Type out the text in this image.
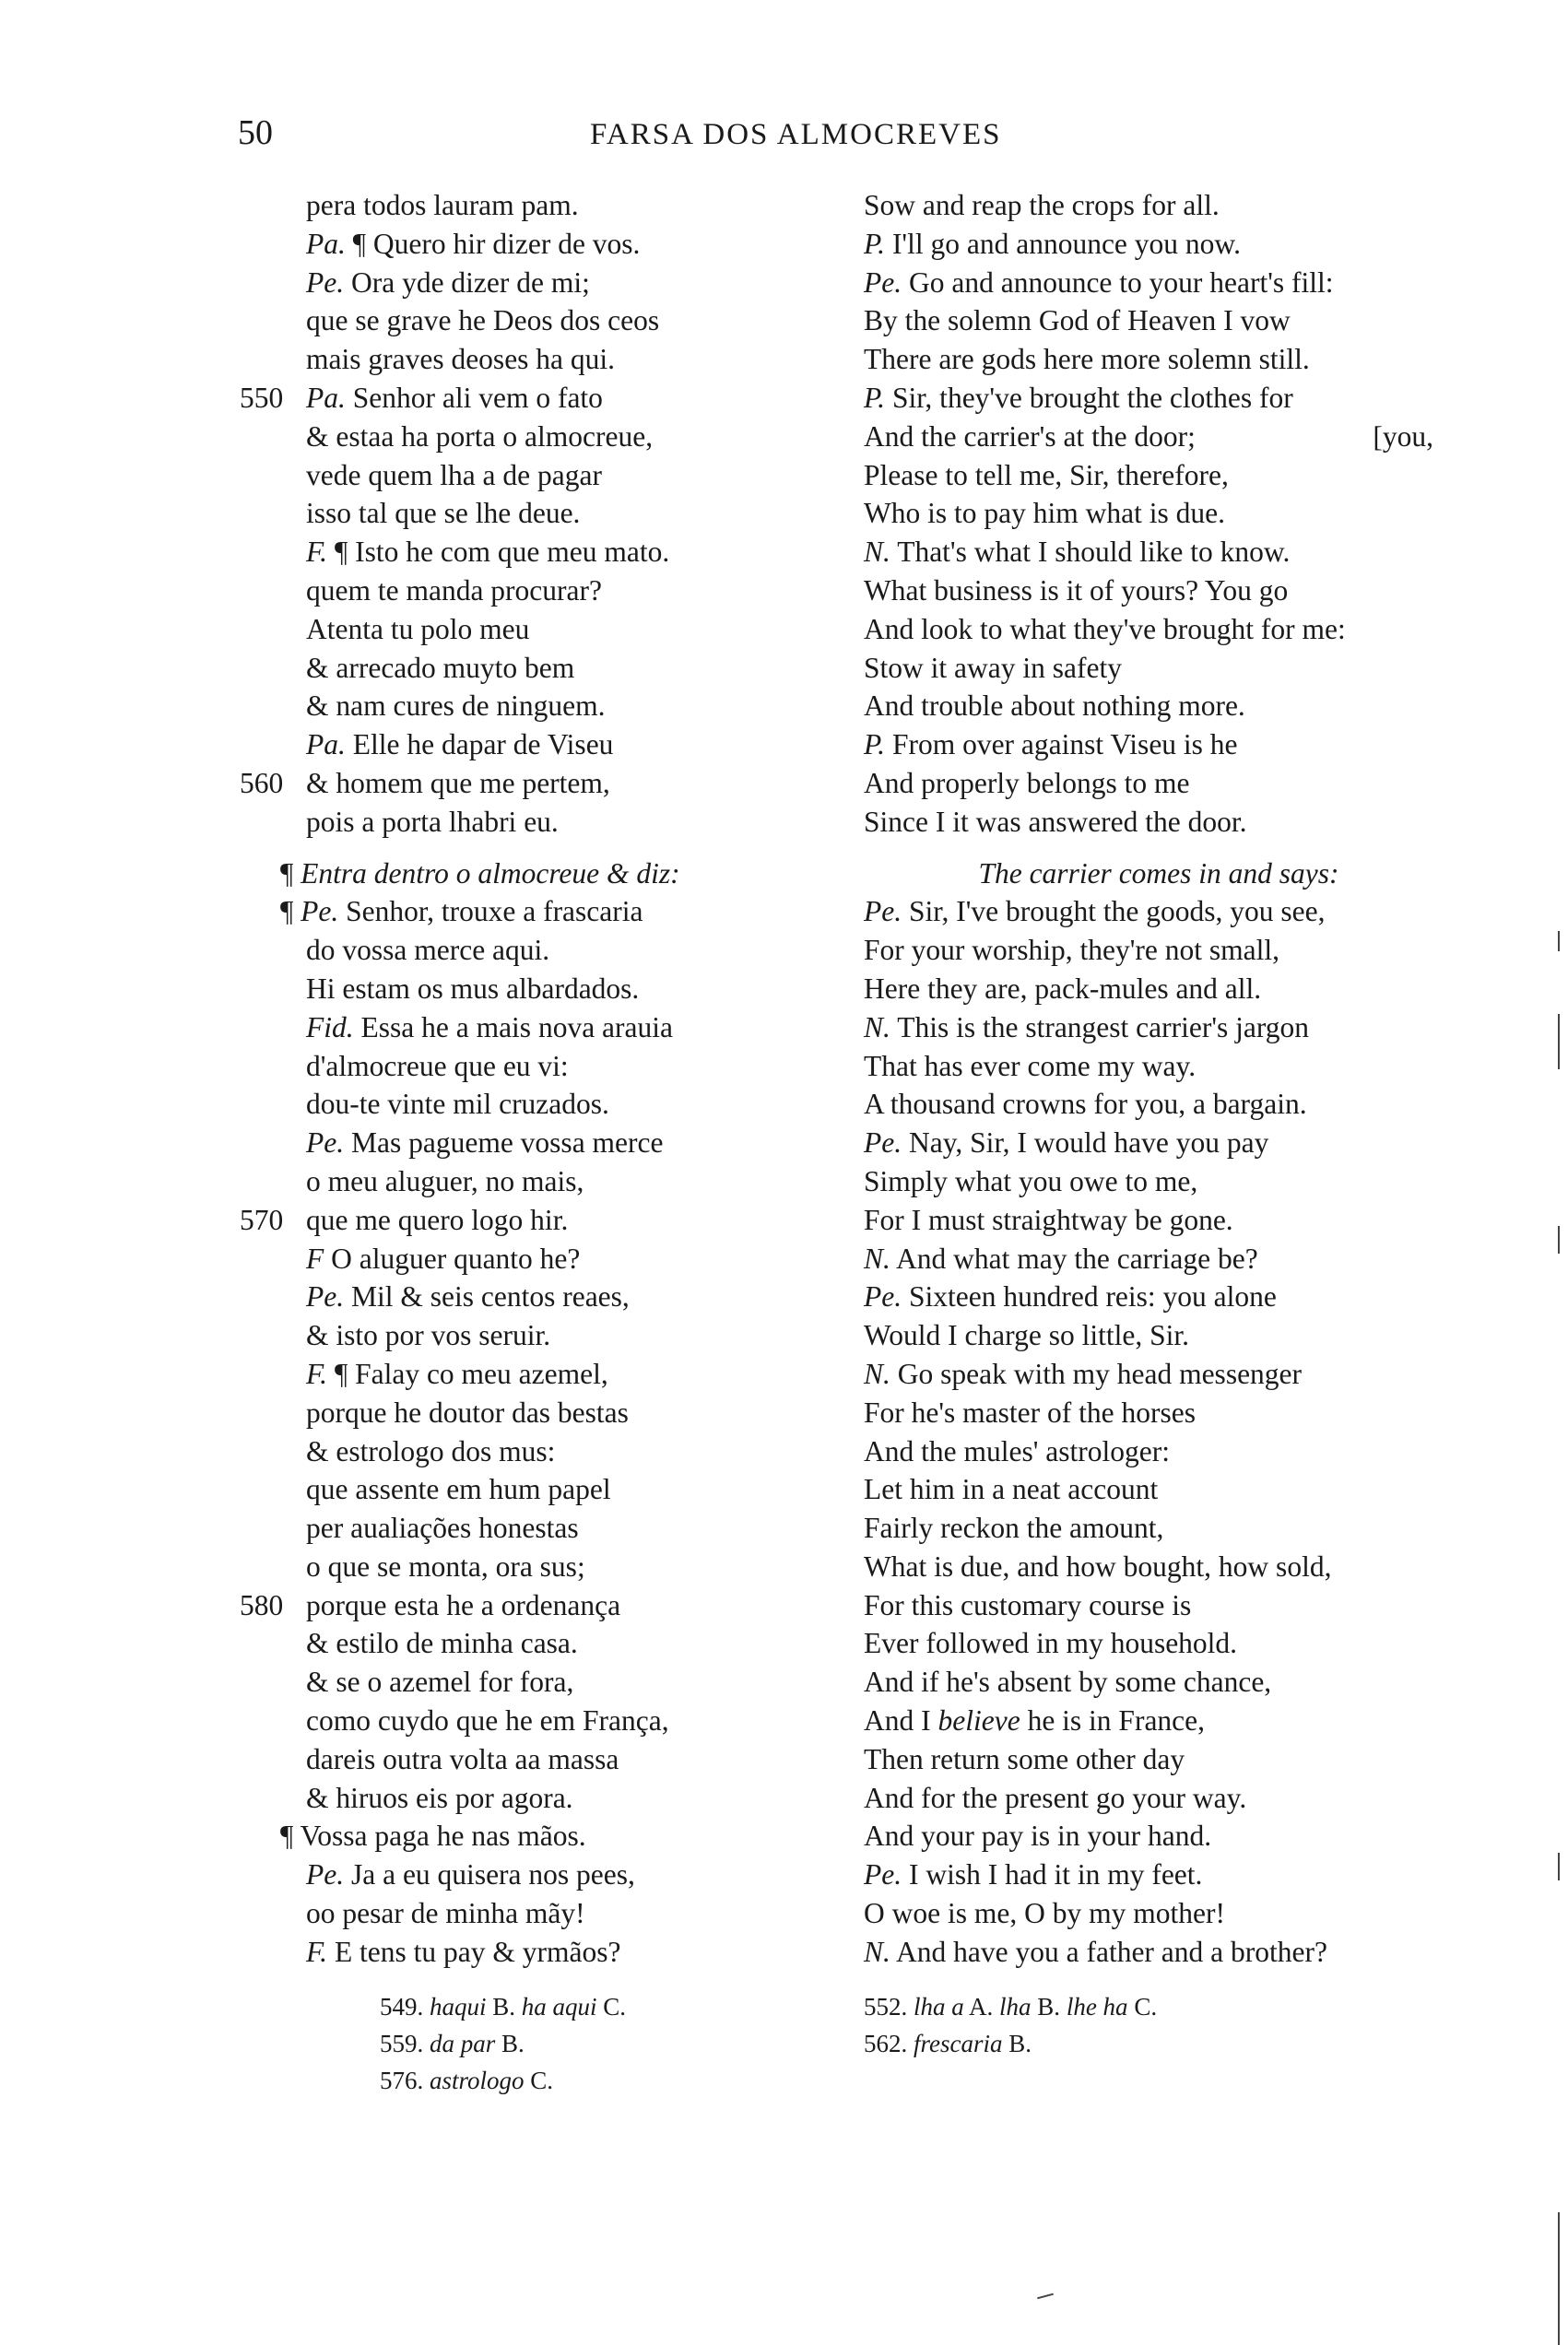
50	FARSA DOS ALMOCREVES
pera todos lauram pam.
Pa. ¶ Quero hir dizer de vos.
Pe. Ora yde dizer de mi;
que se grave he Deos dos ceos
mais graves deoses ha qui.
550 Pa. Senhor ali vem o fato
& estaa ha porta o almocreue,
vede quem lha a de pagar
isso tal que se lhe deue.
F. ¶ Isto he com que meu mato.
quem te manda procurar?
Atenta tu polo meu
& arrecado muyto bem
& nam cures de ninguem.
Pa. Elle he dapar de Viseu
560 & homem que me pertem,
pois a porta lhabri eu.
¶ Entra dentro o almocreue & diz:
¶ Pe. Senhor, trouxe a frascaria
do vossa merce aqui.
Hi estam os mus albardados.
Fid. Essa he a mais nova arauia
d'almocreue que eu vi:
dou-te vinte mil cruzados.
Pe. Mas pagueme vossa merce
o meu aluguer, no mais,
570 que me quero logo hir.
F O aluguer quanto he?
Pe. Mil & seis centos reaes,
& isto por vos seruir.
F. ¶ Falay co meu azemel,
porque he doutor das bestas
& estrologo dos mus:
que assente em hum papel
per aualiações honestas
o que se monta, ora sus;
580 porque esta he a ordenança
& estilo de minha casa.
& se o azemel for fora,
como cuydo que he em França,
dareis outra volta aa massa
& hiruos eis por agora.
¶ Vossa paga he nas mãos.
Pe. Ja a eu quisera nos pees,
oo pesar de minha mãy!
F. E tens tu pay & yrmãos?
Sow and reap the crops for all.
P. I'll go and announce you now.
Pe. Go and announce to your heart's fill:
By the solemn God of Heaven I vow
There are gods here more solemn still.
P. Sir, they've brought the clothes for
And the carrier's at the door;	[you,
Please to tell me, Sir, therefore,
Who is to pay him what is due.
N. That's what I should like to know.
What business is it of yours? You go
And look to what they've brought for me:
Stow it away in safety
And trouble about nothing more.
P. From over against Viseu is he
And properly belongs to me
Since I it was answered the door.
The carrier comes in and says:
Pe. Sir, I've brought the goods, you see,
For your worship, they're not small,
Here they are, pack-mules and all.
N. This is the strangest carrier's jargon
That has ever come my way.
A thousand crowns for you, a bargain.
Pe. Nay, Sir, I would have you pay
Simply what you owe to me,
For I must straightway be gone.
N. And what may the carriage be?
Pe. Sixteen hundred reis: you alone
Would I charge so little, Sir.
N. Go speak with my head messenger
For he's master of the horses
And the mules' astrologer:
Let him in a neat account
Fairly reckon the amount,
What is due, and how bought, how sold,
For this customary course is
Ever followed in my household.
And if he's absent by some chance,
And I believe he is in France,
Then return some other day
And for the present go your way.
And your pay is in your hand.
Pe. I wish I had it in my feet.
O woe is me, O by my mother!
N. And have you a father and a brother?
549. haqui B. ha aqui C.
559. da par B.
576. astrologo C.
552. lha a A. lha B. lhe ha C.
562. frescaria B.
